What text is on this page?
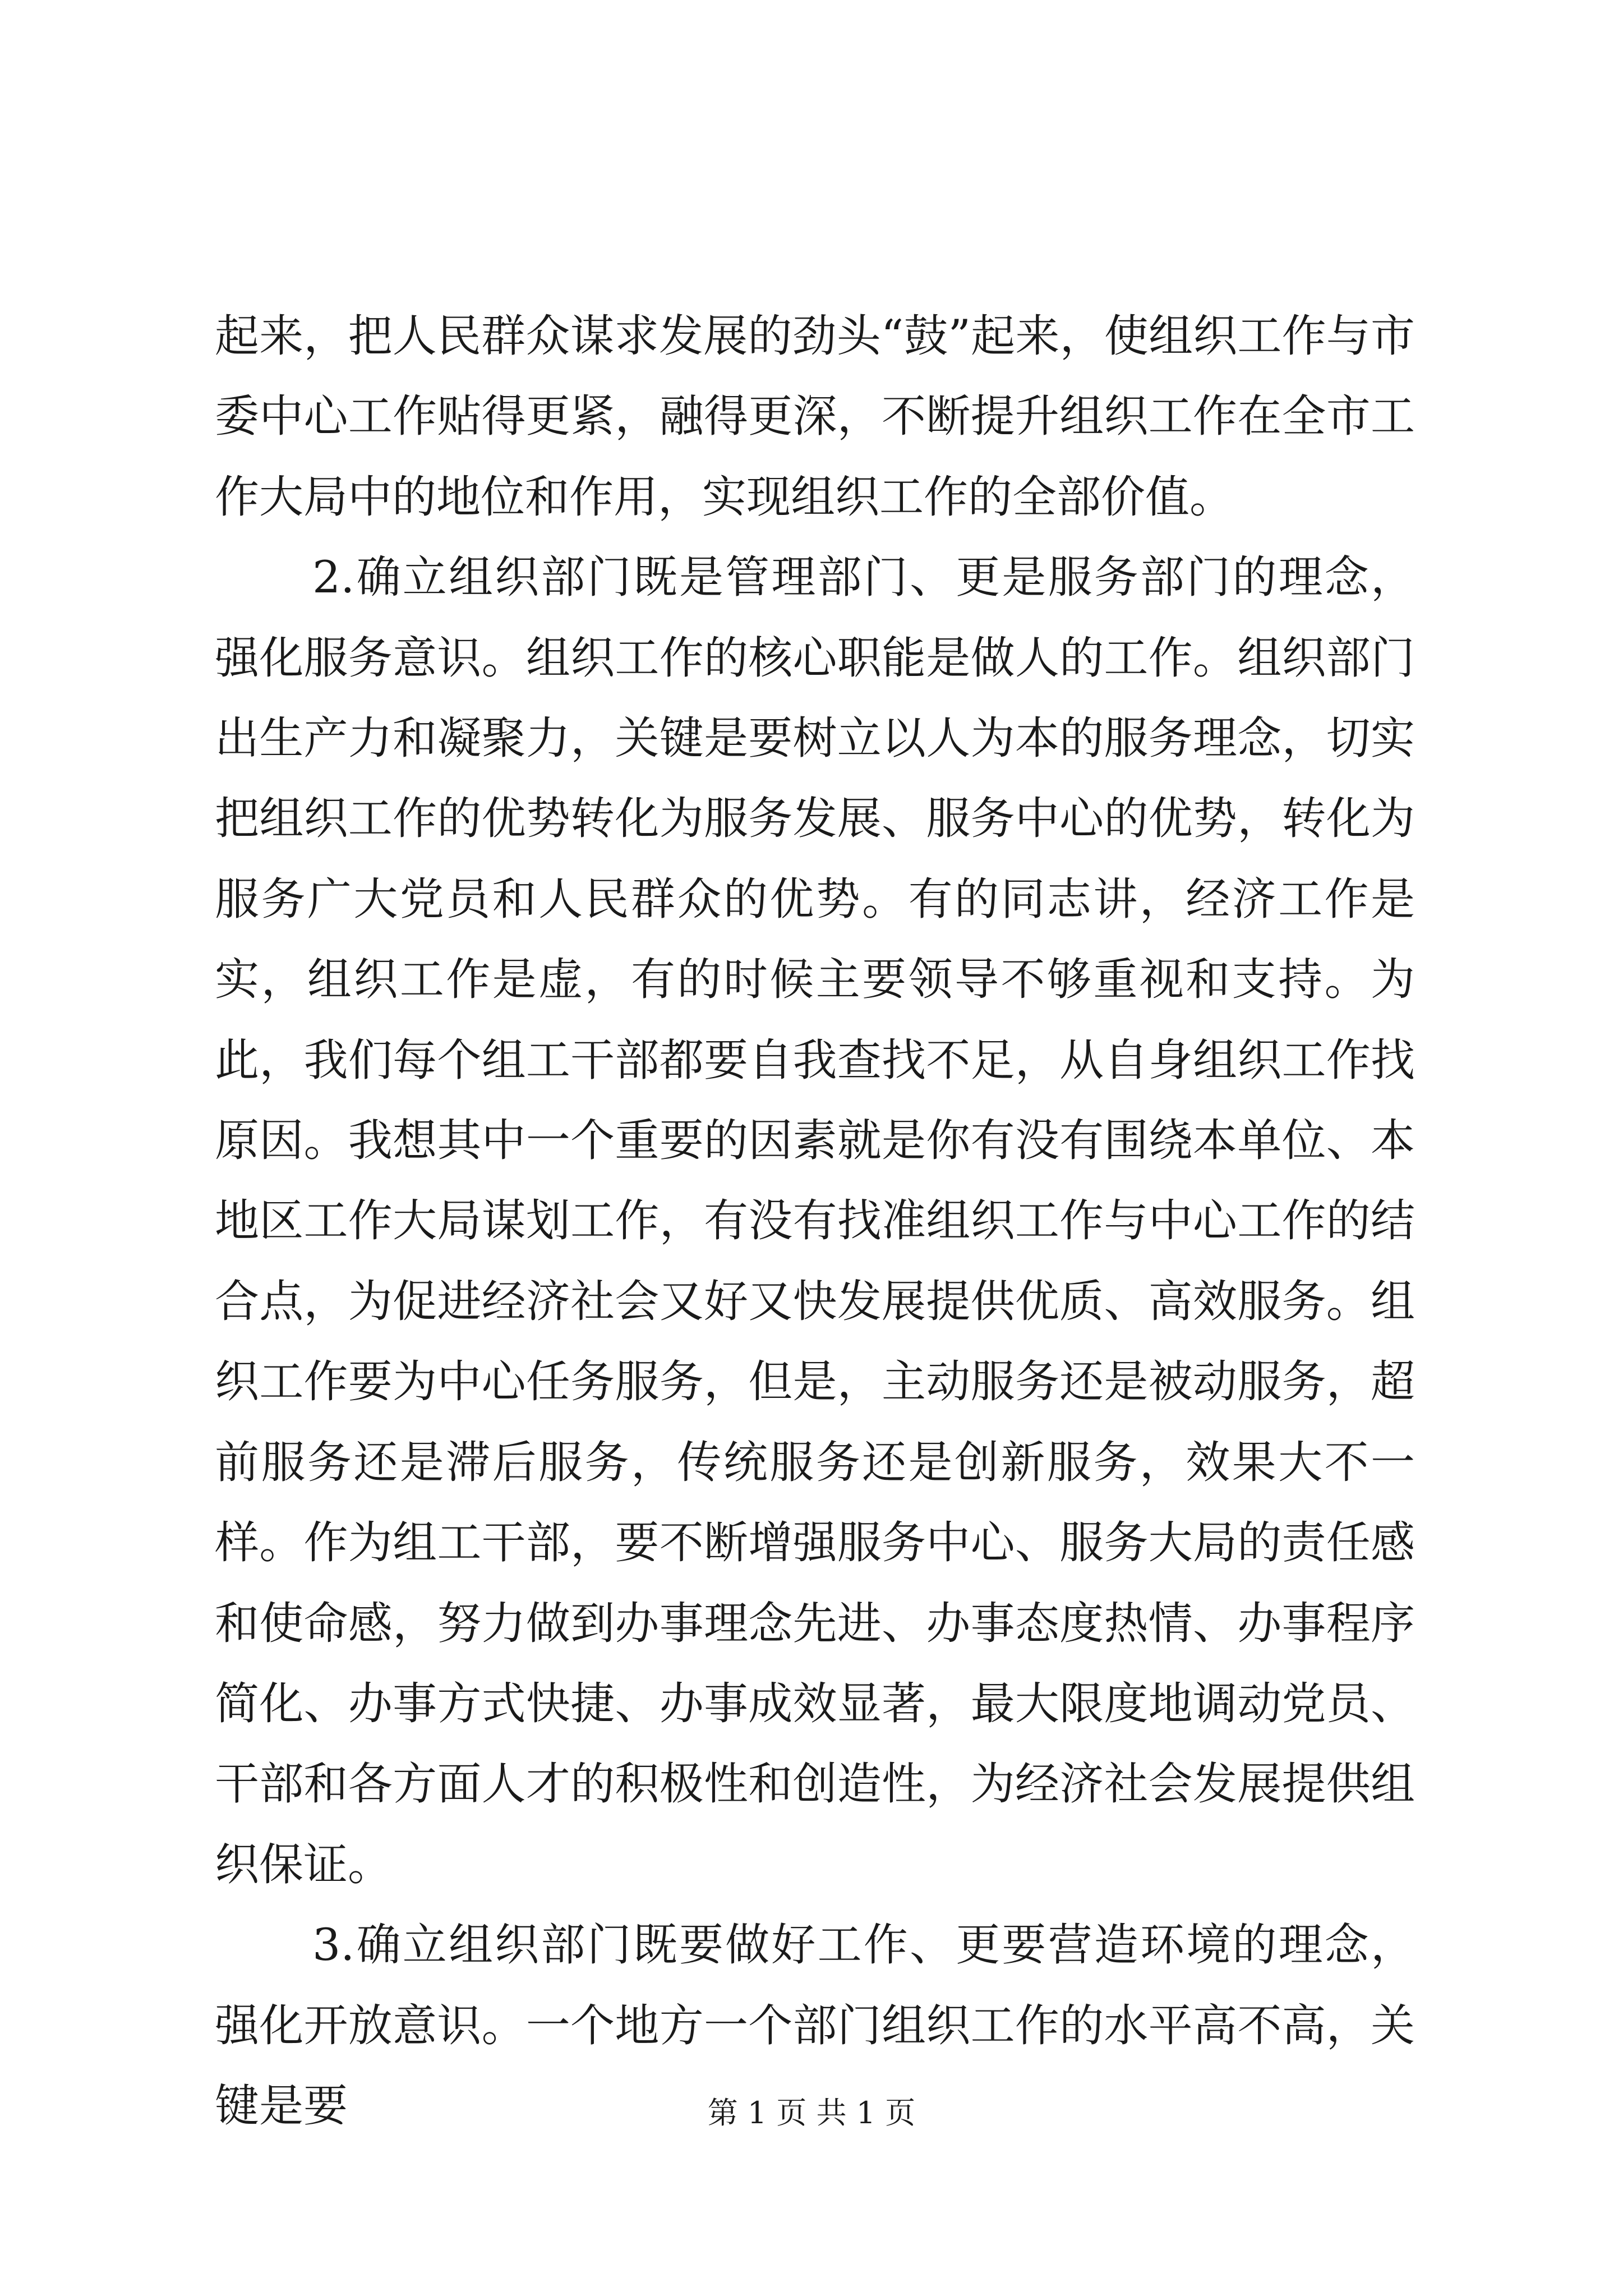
起来，把人民群众谋求发展的劲头“鼓”起来，使组织工作与市委中心工作贴得更紧，融得更深，不断提升组织工作在全市工作大局中的地位和作用，实现组织工作的全部价值。

2.确立组织部门既是管理部门、更是服务部门的理念，强化服务意识。组织工作的核心职能是做人的工作。组织部门出生产力和凝聚力，关键是要树立以人为本的服务理念，切实把组织工作的优势转化为服务发展、服务中心的优势，转化为服务广大党员和人民群众的优势。有的同志讲，经济工作是实，组织工作是虚，有的时候主要领导不够重视和支持。为此，我们每个组工干部都要自我查找不足，从自身组织工作找原因。我想其中一个重要的因素就是你有没有围绕本单位、本地区工作大局谋划工作，有没有找准组织工作与中心工作的结合点，为促进经济社会又好又快发展提供优质、高效服务。组织工作要为中心任务服务，但是，主动服务还是被动服务，超前服务还是滞后服务，传统服务还是创新服务，效果大不一样。作为组工干部，要不断增强服务中心、服务大局的责任感和使命感，努力做到办事理念先进、办事态度热情、办事程序简化、办事方式快捷、办事成效显著，最大限度地调动党员、干部和各方面人才的积极性和创造性，为经济社会发展提供组织保证。

3.确立组织部门既要做好工作、更要营造环境的理念，强化开放意识。一个地方一个部门组织工作的水平高不高，关键是要	第 1 页 共 1 页
